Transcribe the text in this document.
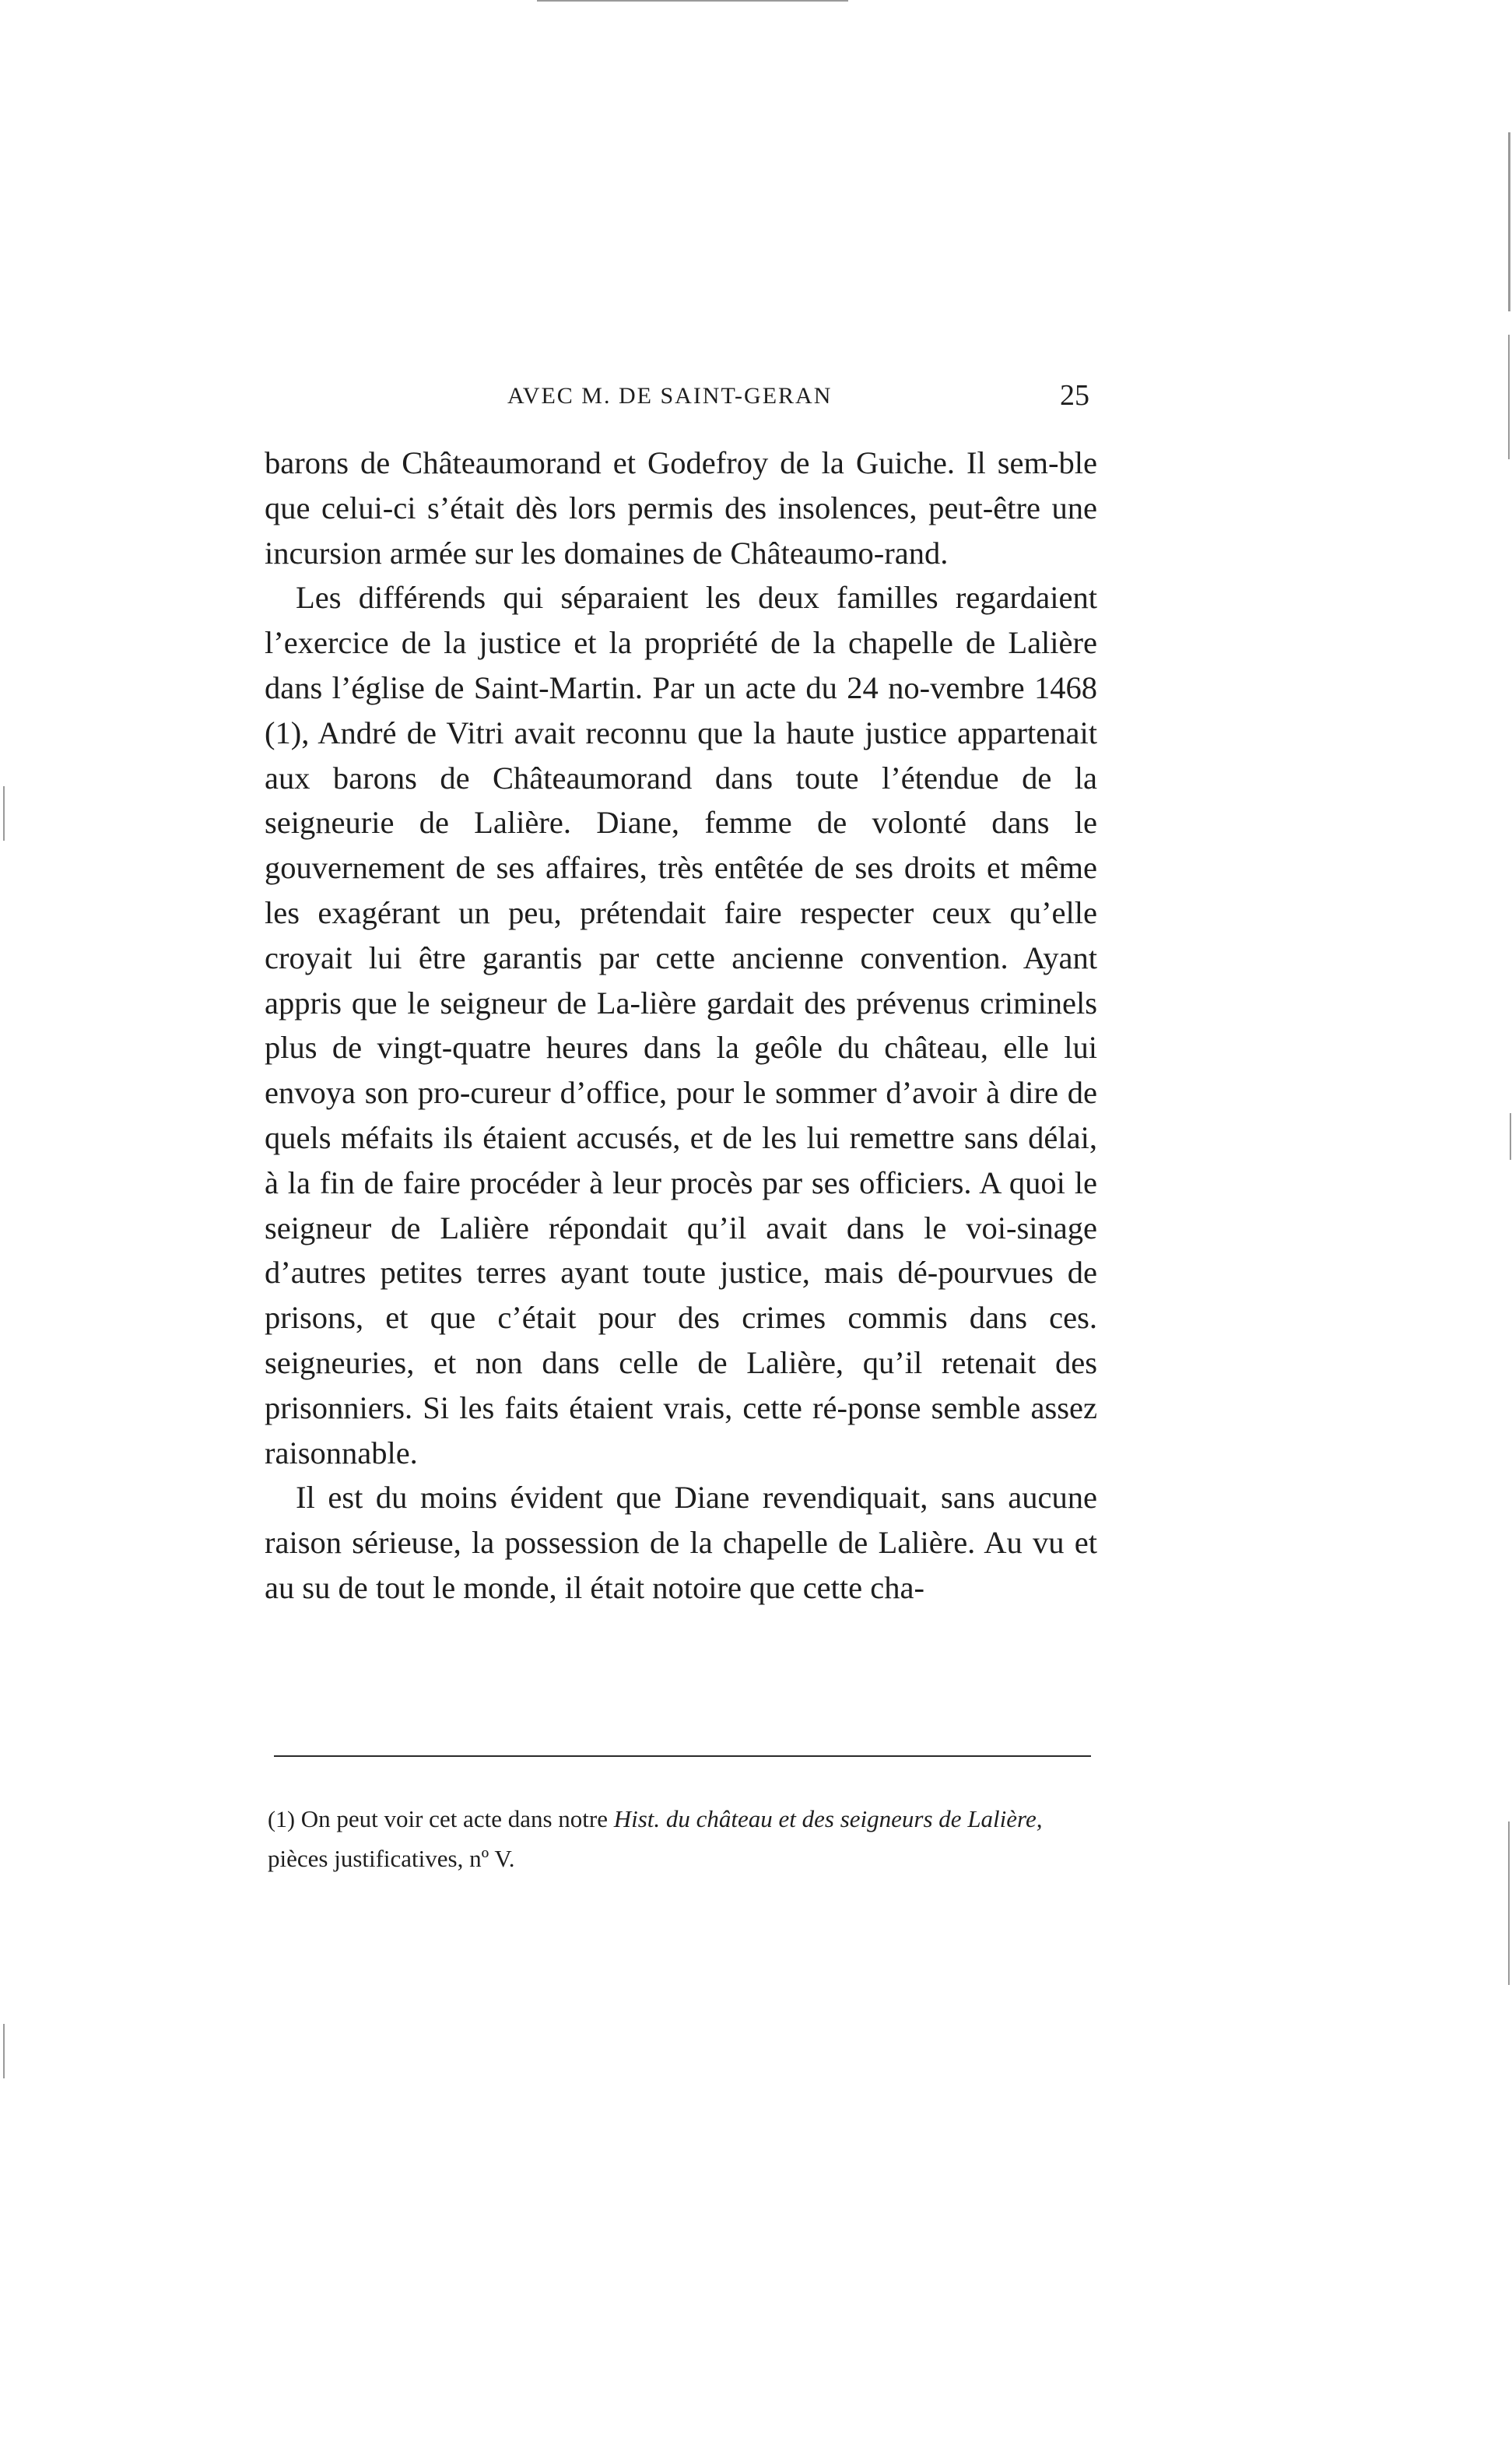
AVEC M. DE SAINT-GERAN	25

barons de Châteaumorand et Godefroy de la Guiche. Il sem-ble que celui-ci s’était dès lors permis des insolences, peut-être une incursion armée sur les domaines de Châteaumo-rand.

Les différends qui séparaient les deux familles regardaient l’exercice de la justice et la propriété de la chapelle de Lalière dans l’église de Saint-Martin. Par un acte du 24 no-vembre 1468 (1), André de Vitri avait reconnu que la haute justice appartenait aux barons de Châteaumorand dans toute l’étendue de la seigneurie de Lalière. Diane, femme de volonté dans le gouvernement de ses affaires, très entêtée de ses droits et même les exagérant un peu, prétendait faire respecter ceux qu’elle croyait lui être garantis par cette ancienne convention. Ayant appris que le seigneur de La-lière gardait des prévenus criminels plus de vingt-quatre heures dans la geôle du château, elle lui envoya son pro-cureur d’office, pour le sommer d’avoir à dire de quels méfaits ils étaient accusés, et de les lui remettre sans délai, à la fin de faire procéder à leur procès par ses officiers. A quoi le seigneur de Lalière répondait qu’il avait dans le voi-sinage d’autres petites terres ayant toute justice, mais dé-pourvues de prisons, et que c’était pour des crimes commis dans ces. seigneuries, et non dans celle de Lalière, qu’il retenait des prisonniers. Si les faits étaient vrais, cette ré-ponse semble assez raisonnable.

Il est du moins évident que Diane revendiquait, sans aucune raison sérieuse, la possession de la chapelle de Lalière. Au vu et au su de tout le monde, il était notoire que cette cha-

(1) On peut voir cet acte dans notre Hist. du château et des seigneurs de Lalière, pièces justificatives, nº V.
